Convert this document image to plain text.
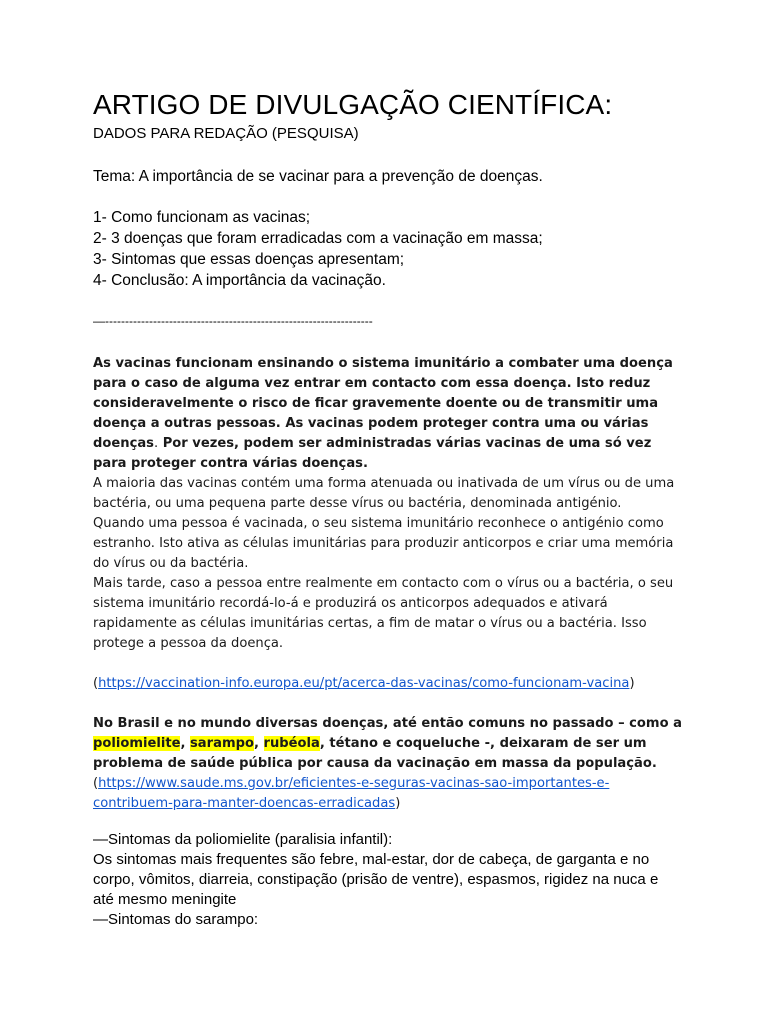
ARTIGO DE DIVULGAÇÃO CIENTÍFICA:

DADOS PARA REDAÇÃO (PESQUISA)

Tema: A importância de se vacinar para a prevenção de doenças.

1- Como funcionam as vacinas;
2- 3 doenças que foram erradicadas com a vacinação em massa;
3- Sintomas que essas doenças apresentam;
4- Conclusão: A importância da vacinação.

—-------------------------------------------------------------------

As vacinas funcionam ensinando o sistema imunitário a combater uma doença para o caso de alguma vez entrar em contacto com essa doença. Isto reduz consideravelmente o risco de ficar gravemente doente ou de transmitir uma doença a outras pessoas. As vacinas podem proteger contra uma ou várias doenças. Por vezes, podem ser administradas várias vacinas de uma só vez para proteger contra várias doenças.

A maioria das vacinas contém uma forma atenuada ou inativada de um vírus ou de uma bactéria, ou uma pequena parte desse vírus ou bactéria, denominada antigénio.

Quando uma pessoa é vacinada, o seu sistema imunitário reconhece o antigénio como estranho. Isto ativa as células imunitárias para produzir anticorpos e criar uma memória do vírus ou da bactéria.

Mais tarde, caso a pessoa entre realmente em contacto com o vírus ou a bactéria, o seu sistema imunitário recordá-lo-á e produzirá os anticorpos adequados e ativará rapidamente as células imunitárias certas, a fim de matar o vírus ou a bactéria. Isso protege a pessoa da doença.

(https://vaccination-info.europa.eu/pt/acerca-das-vacinas/como-funcionam-vacina)

No Brasil e no mundo diversas doenças, até então comuns no passado – como a poliomielite, sarampo, rubéola, tétano e coqueluche -, deixaram de ser um problema de saúde pública por causa da vacinação em massa da população.

(https://www.saude.ms.gov.br/eficientes-e-seguras-vacinas-sao-importantes-e-contribuem-para-manter-doencas-erradicadas)

—Sintomas da poliomielite (paralisia infantil):

Os sintomas mais frequentes são febre, mal-estar, dor de cabeça, de garganta e no corpo, vômitos, diarreia, constipação (prisão de ventre), espasmos, rigidez na nuca e até mesmo meningite

—Sintomas do sarampo:
